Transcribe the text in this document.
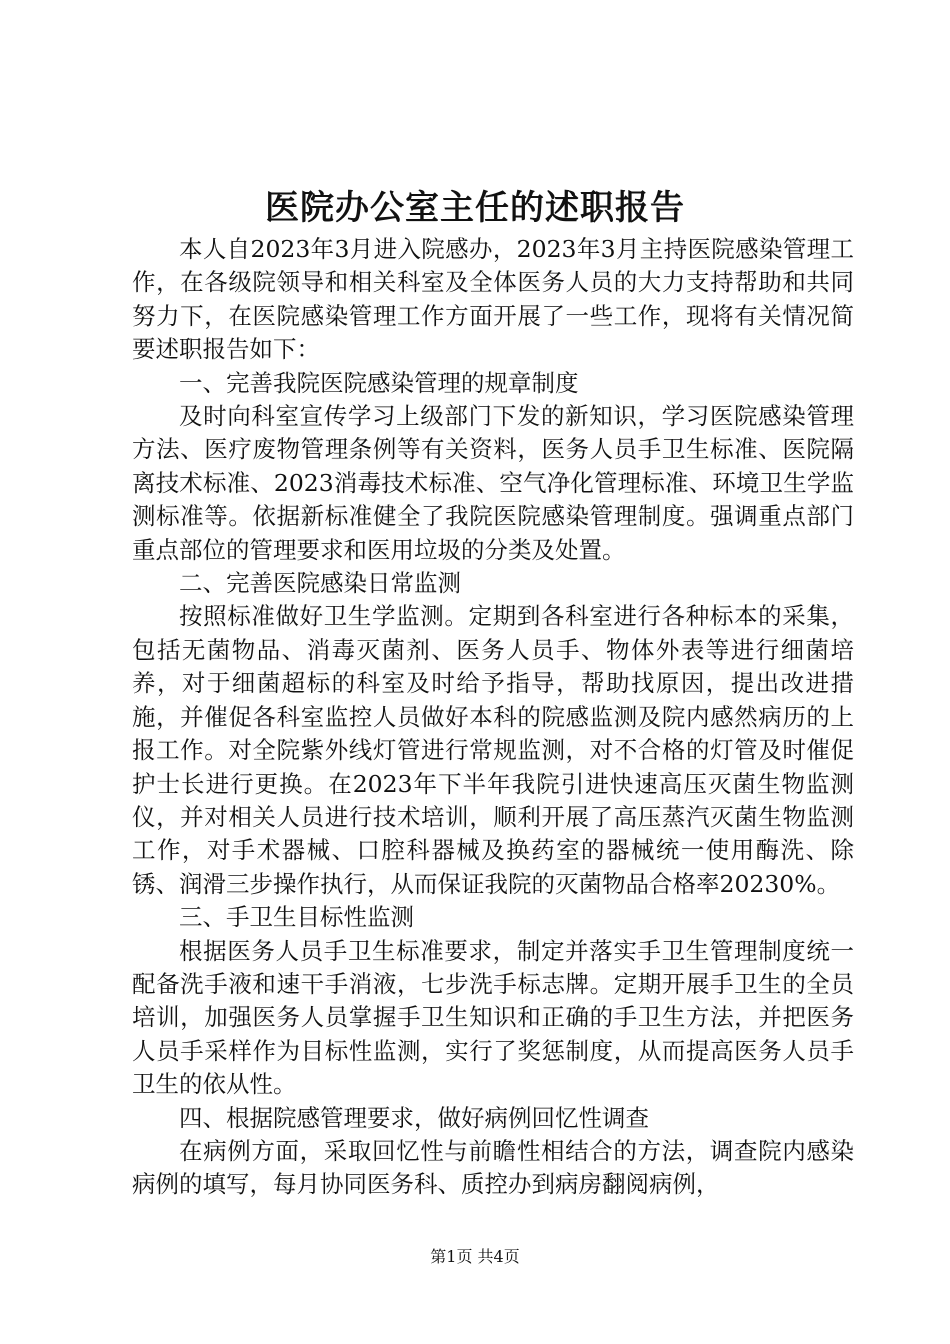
医院办公室主任的述职报告

本人自2023年3月进入院感办，2023年3月主持医院感染管理工作，在各级院领导和相关科室及全体医务人员的大力支持帮助和共同努力下，在医院感染管理工作方面开展了一些工作，现将有关情况简要述职报告如下：

一、完善我院医院感染管理的规章制度

及时向科室宣传学习上级部门下发的新知识，学习医院感染管理方法、医疗废物管理条例等有关资料，医务人员手卫生标准、医院隔离技术标准、2023消毒技术标准、空气净化管理标准、环境卫生学监测标准等。依据新标准健全了我院医院感染管理制度。强调重点部门重点部位的管理要求和医用垃圾的分类及处置。

二、完善医院感染日常监测

按照标准做好卫生学监测。定期到各科室进行各种标本的采集，包括无菌物品、消毒灭菌剂、医务人员手、物体外表等进行细菌培养，对于细菌超标的科室及时给予指导，帮助找原因，提出改进措施，并催促各科室监控人员做好本科的院感监测及院内感然病历的上报工作。对全院紫外线灯管进行常规监测，对不合格的灯管及时催促护士长进行更换。在2023年下半年我院引进快速高压灭菌生物监测仪，并对相关人员进行技术培训，顺利开展了高压蒸汽灭菌生物监测工作，对手术器械、口腔科器械及换药室的器械统一使用酶洗、除锈、润滑三步操作执行，从而保证我院的灭菌物品合格率20230%。

三、手卫生目标性监测

根据医务人员手卫生标准要求，制定并落实手卫生管理制度统一配备洗手液和速干手消液，七步洗手标志牌。定期开展手卫生的全员培训，加强医务人员掌握手卫生知识和正确的手卫生方法，并把医务人员手采样作为目标性监测，实行了奖惩制度，从而提高医务人员手卫生的依从性。

四、根据院感管理要求，做好病例回忆性调查

在病例方面，采取回忆性与前瞻性相结合的方法，调查院内感染病例的填写，每月协同医务科、质控办到病房翻阅病例，

第1页 共4页
